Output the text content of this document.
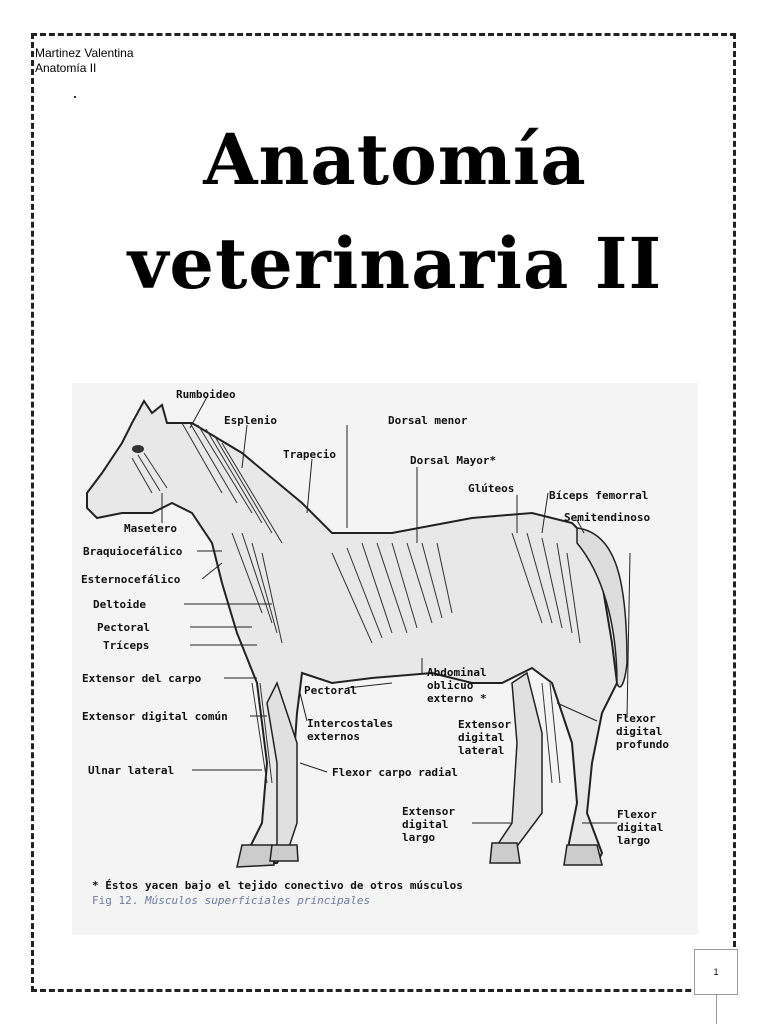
Martinez Valentina
Anatomía II
Anatomía
veterinaria II
Rumboideo
Esplenio	Dorsal menor
Trapecio	Dorsal Mayor*
Glúteos
Bíceps femorral
Semitendinoso
Masetero
Braquiocefálico
Esternocefálico
Deltoide
Pectoral
Tríceps
Extensor del carpo
Pectoral
Abdominal oblicuo externo *
Extensor digital común
Intercostales externos
Extensor digital lateral
Flexor digital profundo
Ulnar lateral	Flexor carpo radial
Extensor digital largo
Flexor digital largo
* Éstos yacen bajo el tejido conectivo de otros músculos
Fig 12. Músculos superficiales principales
1
